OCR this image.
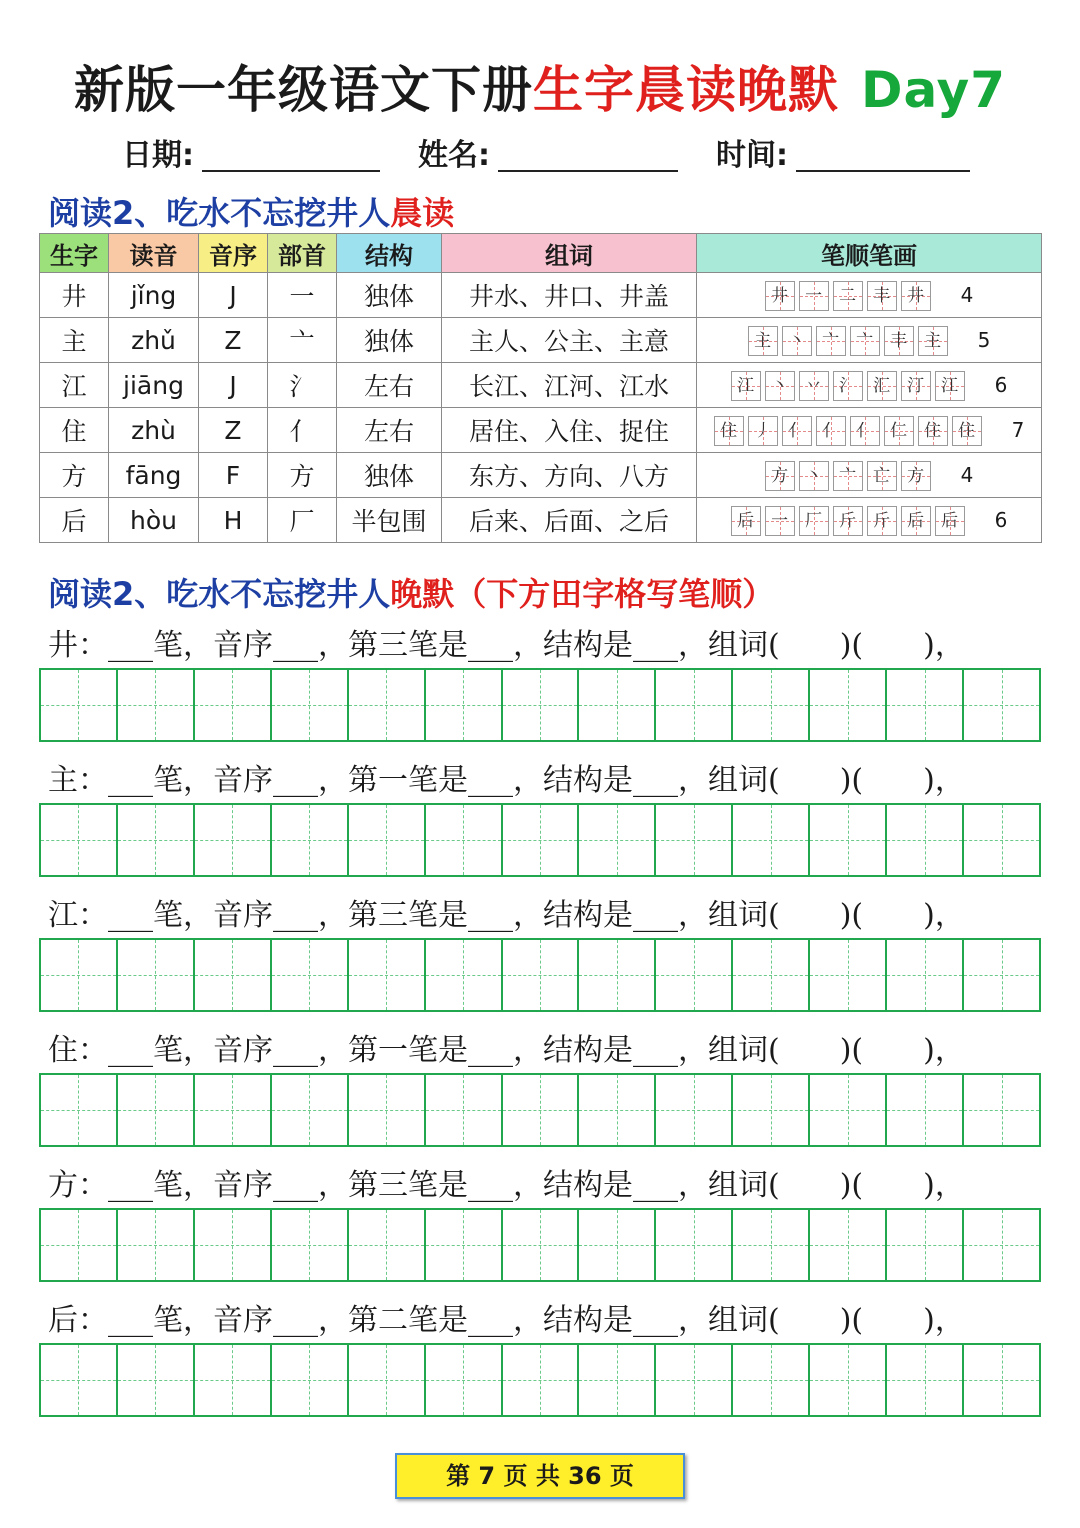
新版一年级语文下册生字晨读晚默 Day7
日期:	姓名:	时间:
阅读2、吃水不忘挖井人晨读
生字	读音	音序	部首	结构	组词	笔顺笔画
井	jǐng	J	一	独体	井水、井口、井盖	井 一 二 丰 井 4
主	zhǔ	Z	亠	独体	主人、公主、主意	主 丶 亠 亠 丰 主 5
江	jiāng	J	氵	左右	长江、江河、江水	江 丶 丷 氵 汇 汀 江 6
住	zhù	Z	亻	左右	居住、入住、捉住	住 丿 亻 亻 亻 仁 住 住 7
方	fāng	F	方	独体	东方、方向、八方	方 丶 亠 亡 方 4
后	hòu	H	厂	半包围	后来、后面、之后	后 一 厂 斤 斤 后 后 6
阅读2、吃水不忘挖井人晚默（下方田字格写笔顺）
井：___笔，音序___，第三笔是___，结构是___，组词(　　)(　　)，
主：___笔，音序___，第一笔是___，结构是___，组词(　　)(　　)，
江：___笔，音序___，第三笔是___，结构是___，组词(　　)(　　)，
住：___笔，音序___，第一笔是___，结构是___，组词(　　)(　　)，
方：___笔，音序___，第三笔是___，结构是___，组词(　　)(　　)，
后：___笔，音序___，第二笔是___，结构是___，组词(　　)(　　)，
第 7 页 共 36 页
